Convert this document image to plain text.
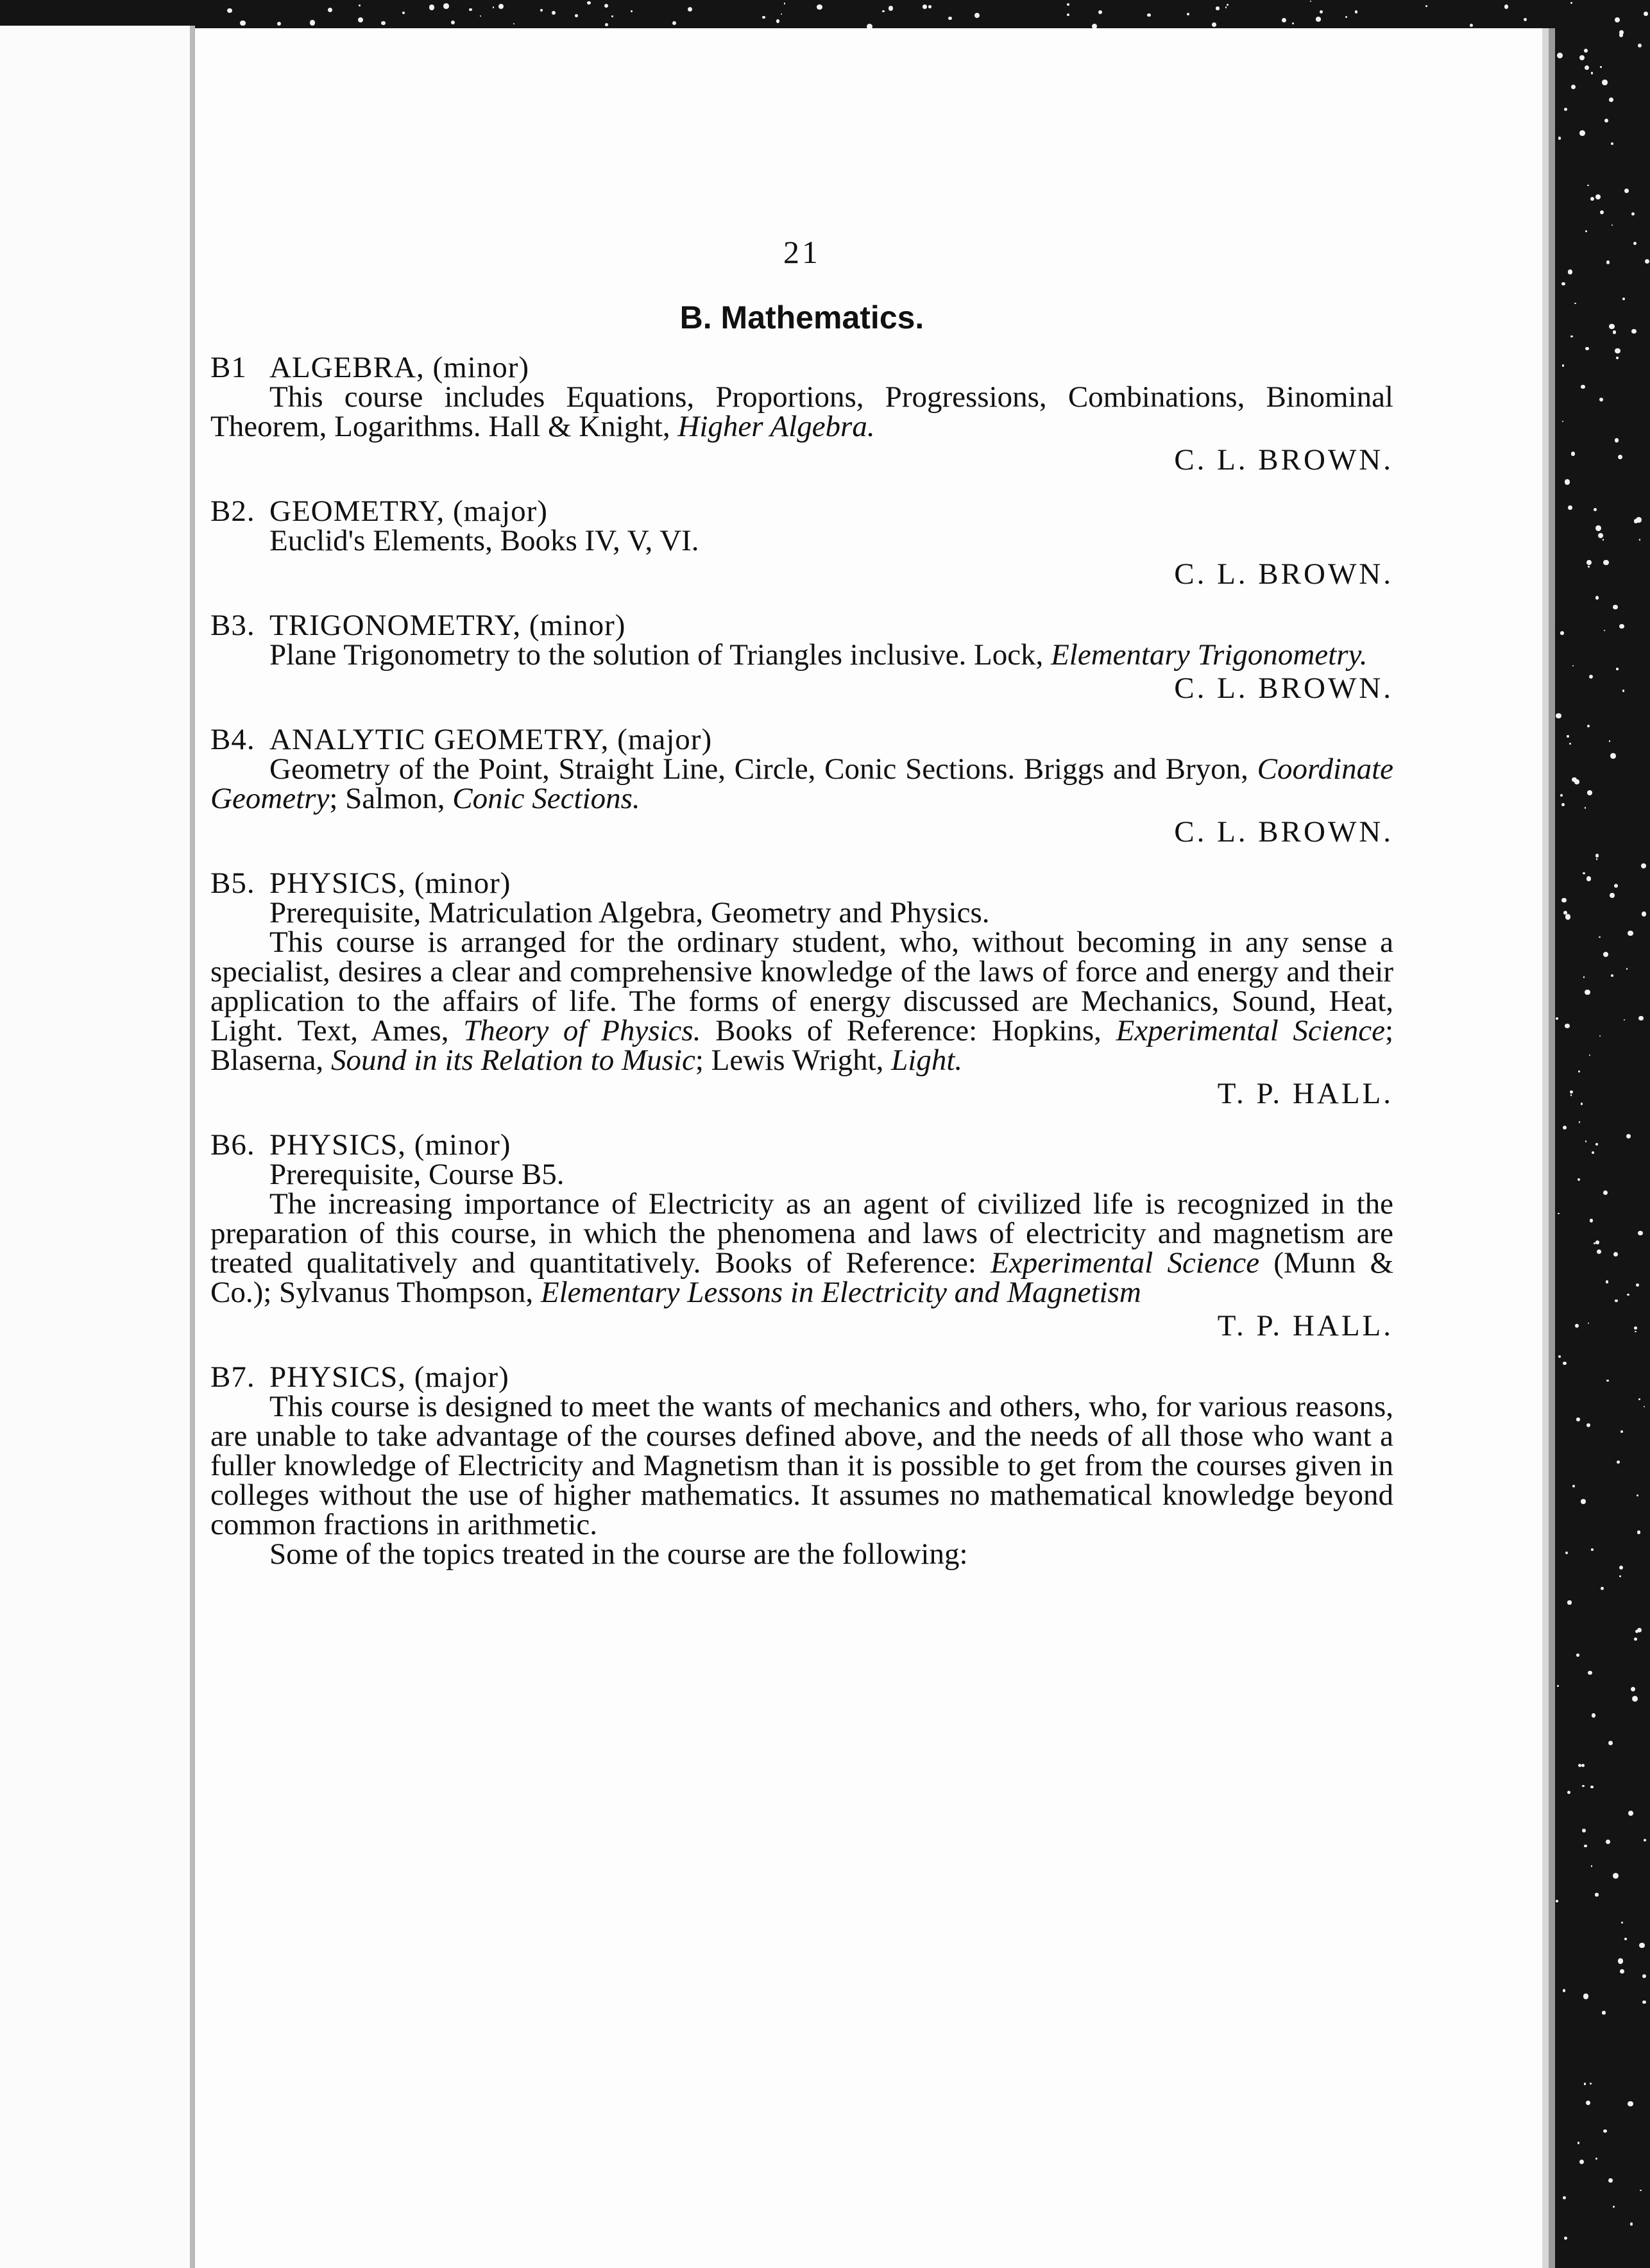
21
B. Mathematics.
B1 ALGEBRA, (minor)

This course includes Equations, Proportions, Progressions, Combinations, Binominal Theorem, Logarithms. Hall & Knight, Higher Algebra.

C. L. BROWN.
B2. GEOMETRY, (major)

Euclid's Elements, Books IV, V, VI.

C. L. BROWN.
B3. TRIGONOMETRY, (minor)

Plane Trigonometry to the solution of Triangles inclusive. Lock, Elementary Trigonometry.

C. L. BROWN.
B4. ANALYTIC GEOMETRY, (major)

Geometry of the Point, Straight Line, Circle, Conic Sections. Briggs and Bryon, Coordinate Geometry; Salmon, Conic Sections.

C. L. BROWN.
B5. PHYSICS, (minor)

Prerequisite, Matriculation Algebra, Geometry and Physics.

This course is arranged for the ordinary student, who, without becoming in any sense a specialist, desires a clear and comprehensive knowledge of the laws of force and energy and their application to the affairs of life. The forms of energy discussed are Mechanics, Sound, Heat, Light. Text, Ames, Theory of Physics. Books of Reference: Hopkins, Experimental Science; Blaserna, Sound in its Relation to Music; Lewis Wright, Light.

T. P. HALL.
B6. PHYSICS, (minor)

Prerequisite, Course B5.

The increasing importance of Electricity as an agent of civilized life is recognized in the preparation of this course, in which the phenomena and laws of electricity and magnetism are treated qualitatively and quantitatively. Books of Reference: Experimental Science (Munn & Co.); Sylvanus Thompson, Elementary Lessons in Electricity and Magnetism

T. P. HALL.
B7. PHYSICS, (major)

This course is designed to meet the wants of mechanics and others, who, for various reasons, are unable to take advantage of the courses defined above, and the needs of all those who want a fuller knowledge of Electricity and Magnetism than it is possible to get from the courses given in colleges without the use of higher mathematics. It assumes no mathematical knowledge beyond common fractions in arithmetic.

Some of the topics treated in the course are the following:
